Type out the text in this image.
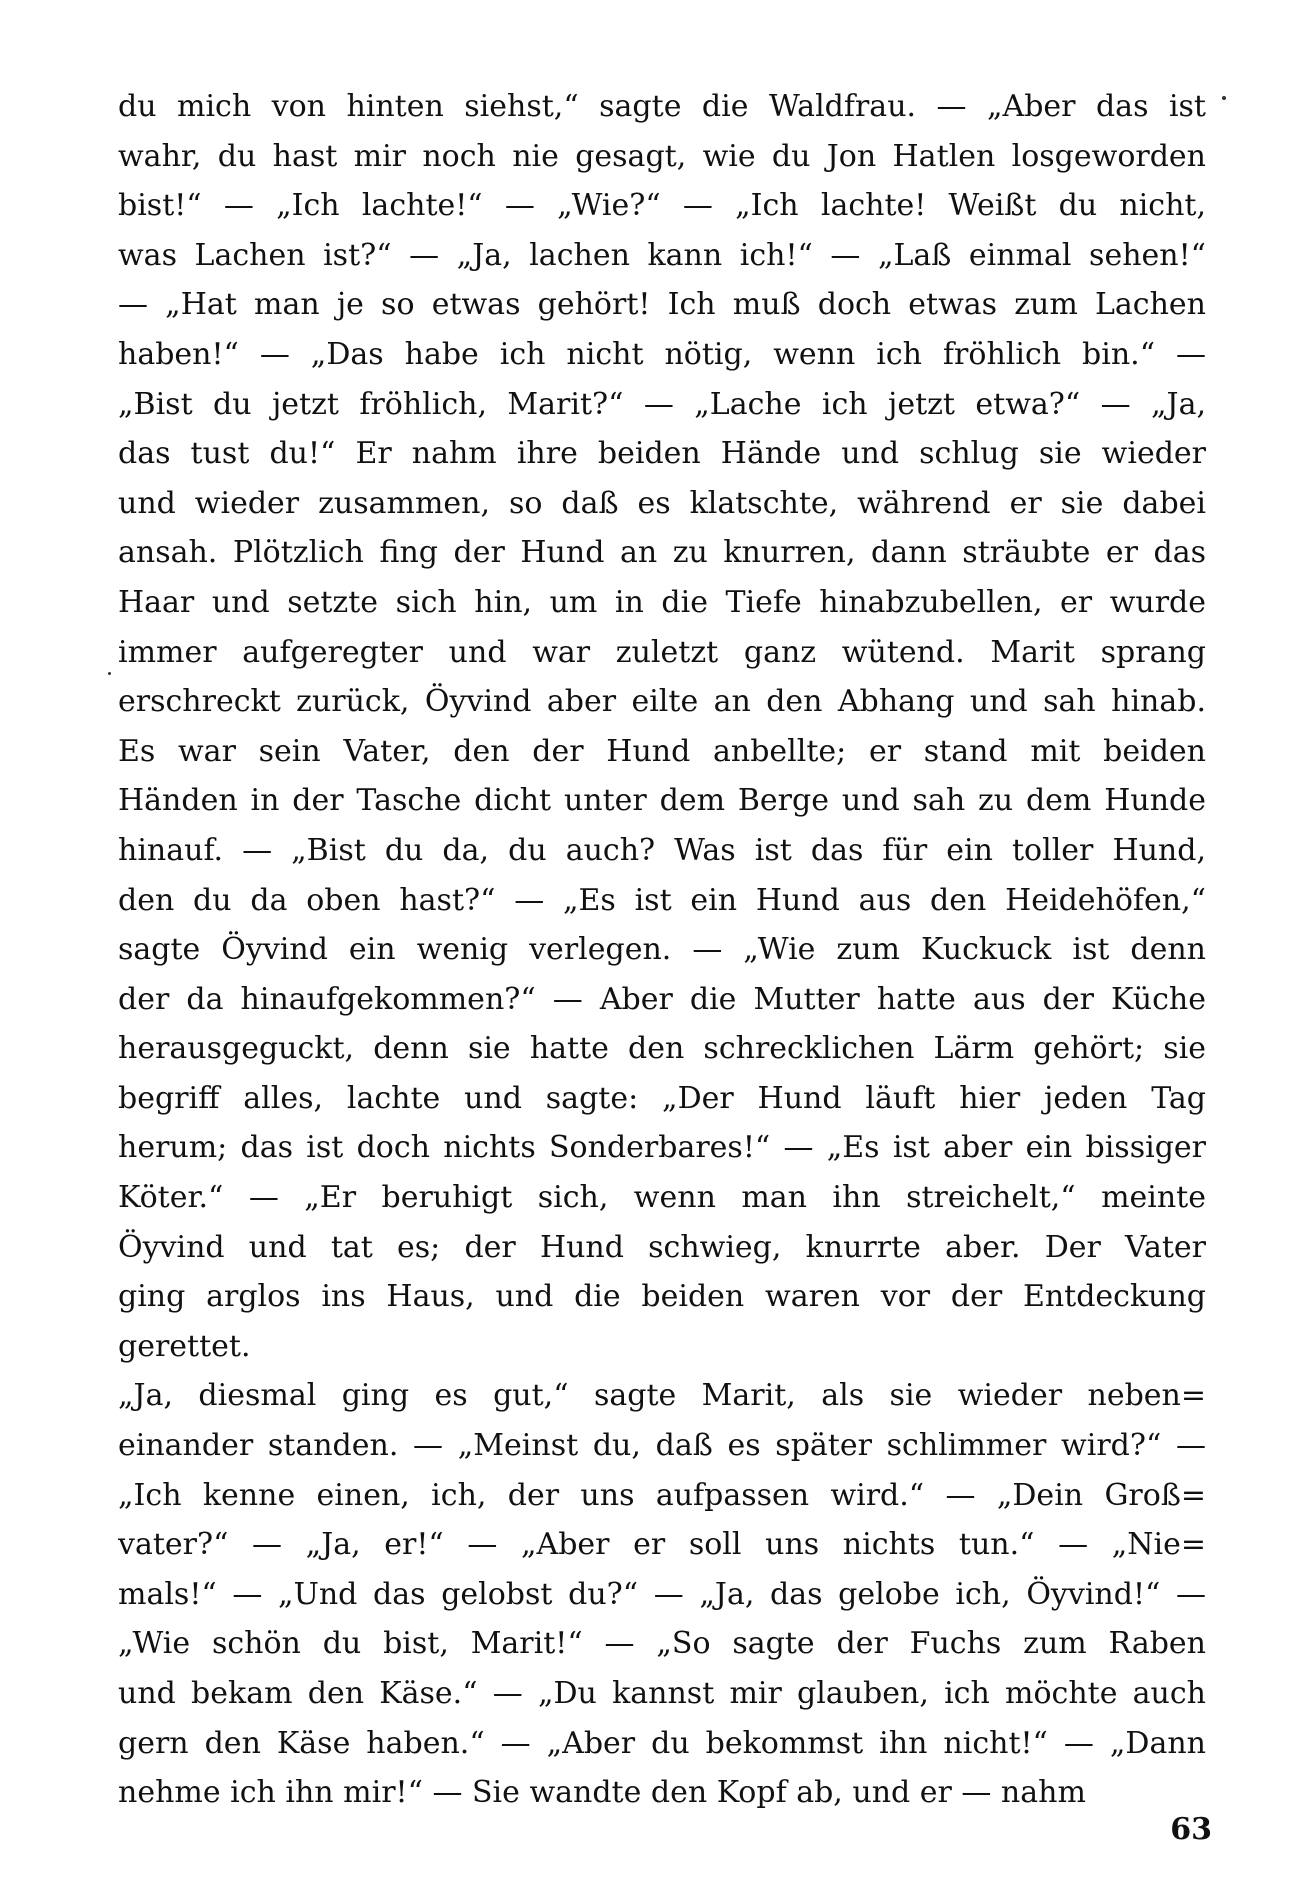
du mich von hinten siehst,“ sagte die Waldfrau. — „Aber das ist
wahr, du hast mir noch nie gesagt, wie du Jon Hatlen losgeworden
bist!“ — „Ich lachte!“ — „Wie?“ — „Ich lachte! Weißt du nicht,
was Lachen ist?“ — „Ja, lachen kann ich!“ — „Laß einmal sehen!“
— „Hat man je so etwas gehört! Ich muß doch etwas zum Lachen
haben!“ — „Das habe ich nicht nötig, wenn ich fröhlich bin.“ —
„Bist du jetzt fröhlich, Marit?“ — „Lache ich jetzt etwa?“ — „Ja,
das tust du!“ Er nahm ihre beiden Hände und schlug sie wieder
und wieder zusammen, so daß es klatschte, während er sie dabei
ansah. Plötzlich fing der Hund an zu knurren, dann sträubte er das
Haar und setzte sich hin, um in die Tiefe hinabzubellen, er wurde
immer aufgeregter und war zuletzt ganz wütend. Marit sprang
erschreckt zurück, Öyvind aber eilte an den Abhang und sah hinab.
Es war sein Vater, den der Hund anbellte; er stand mit beiden
Händen in der Tasche dicht unter dem Berge und sah zu dem Hunde
hinauf. — „Bist du da, du auch? Was ist das für ein toller Hund,
den du da oben hast?“ — „Es ist ein Hund aus den Heidehöfen,“
sagte Öyvind ein wenig verlegen. — „Wie zum Kuckuck ist denn
der da hinaufgekommen?“ — Aber die Mutter hatte aus der Küche
herausgeguckt, denn sie hatte den schrecklichen Lärm gehört; sie
begriff alles, lachte und sagte: „Der Hund läuft hier jeden Tag
herum; das ist doch nichts Sonderbares!“ — „Es ist aber ein bissiger
Köter.“ — „Er beruhigt sich, wenn man ihn streichelt,“ meinte
Öyvind und tat es; der Hund schwieg, knurrte aber. Der Vater
ging arglos ins Haus, und die beiden waren vor der Entdeckung
gerettet.
„Ja, diesmal ging es gut,“ sagte Marit, als sie wieder neben=
einander standen. — „Meinst du, daß es später schlimmer wird?“ —
„Ich kenne einen, ich, der uns aufpassen wird.“ — „Dein Groß=
vater?“ — „Ja, er!“ — „Aber er soll uns nichts tun.“ — „Nie=
mals!“ — „Und das gelobst du?“ — „Ja, das gelobe ich, Öyvind!“ —
„Wie schön du bist, Marit!“ — „So sagte der Fuchs zum Raben
und bekam den Käse.“ — „Du kannst mir glauben, ich möchte auch
gern den Käse haben.“ — „Aber du bekommst ihn nicht!“ — „Dann
nehme ich ihn mir!“ — Sie wandte den Kopf ab, und er — nahm
63
